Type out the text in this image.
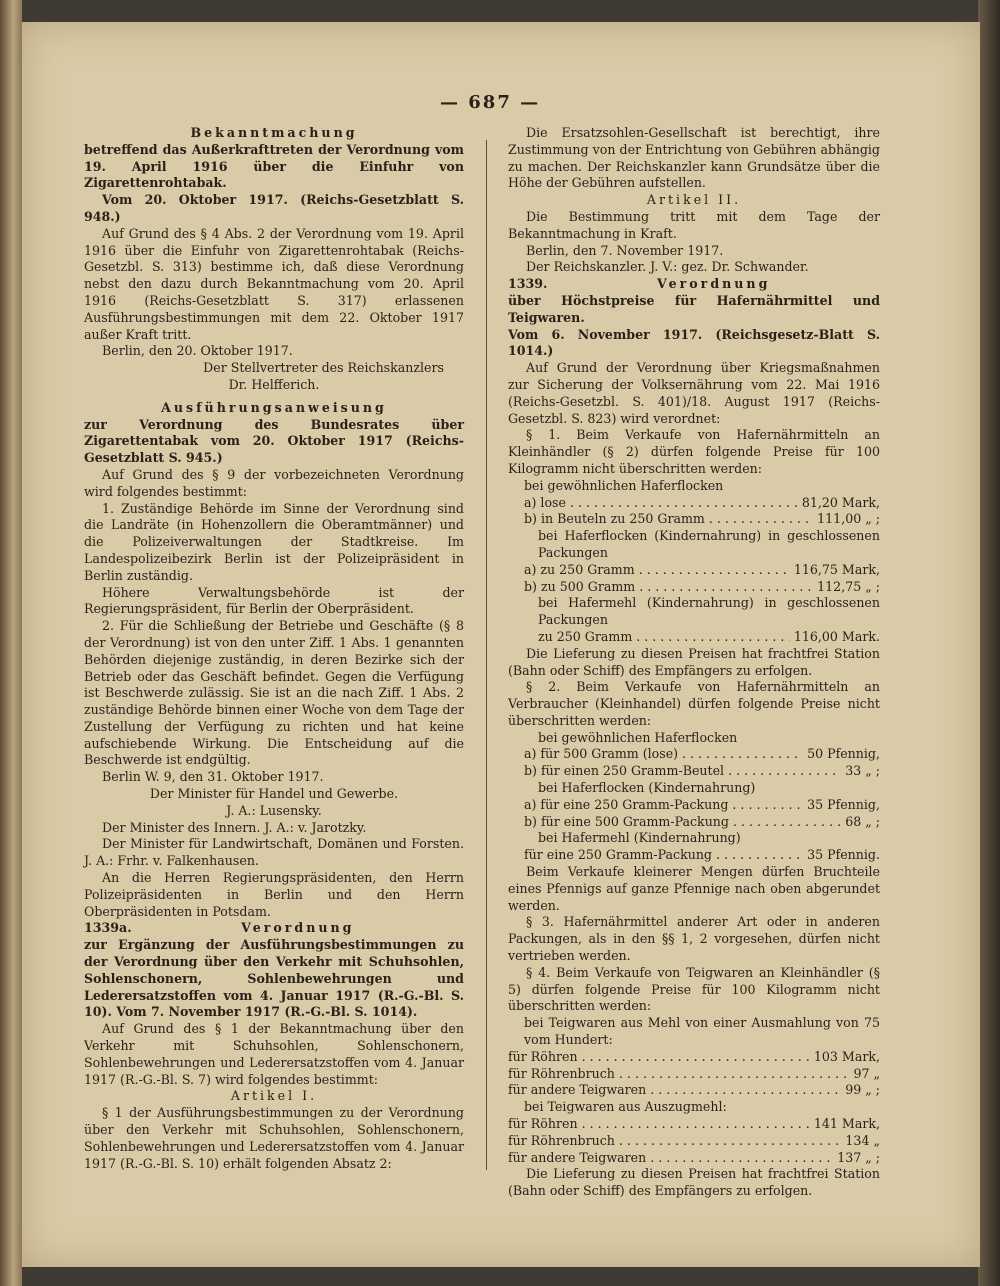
— 687 —

Bekanntmachung

betreffend das Außerkrafttreten der Verordnung vom 19. April 1916 über die Einfuhr von Zigarettenrohtabak.

Vom 20. Oktober 1917. (Reichs-Gesetzblatt S. 948.)

Auf Grund des § 4 Abs. 2 der Verordnung vom 19. April 1916 über die Einfuhr von Zigarettenrohtabak (Reichs-Gesetzbl. S. 313) bestimme ich, daß diese Verordnung nebst den dazu durch Bekanntmachung vom 20. April 1916 (Reichs-Gesetzblatt S. 317) erlassenen Ausführungsbestimmungen mit dem 22. Oktober 1917 außer Kraft tritt.

Berlin, den 20. Oktober 1917.

Der Stellvertreter des Reichskanzlers

Dr. Helfferich.

Ausführungsanweisung

zur Verordnung des Bundesrates über Zigarettentabak vom 20. Oktober 1917 (Reichs-Gesetzblatt S. 945.)

Auf Grund des § 9 der vorbezeichneten Verordnung wird folgendes bestimmt:

1. Zuständige Behörde im Sinne der Verordnung sind die Landräte (in Hohenzollern die Oberamtmänner) und die Polizeiverwaltungen der Stadtkreise. Im Landespolizeibezirk Berlin ist der Polizeipräsident in Berlin zuständig.

Höhere Verwaltungsbehörde ist der Regierungspräsident, für Berlin der Oberpräsident.

2. Für die Schließung der Betriebe und Geschäfte (§ 8 der Verordnung) ist von den unter Ziff. 1 Abs. 1 genannten Behörden diejenige zuständig, in deren Bezirke sich der Betrieb oder das Geschäft befindet. Gegen die Verfügung ist Beschwerde zulässig. Sie ist an die nach Ziff. 1 Abs. 2 zuständige Behörde binnen einer Woche von dem Tage der Zustellung der Verfügung zu richten und hat keine aufschiebende Wirkung. Die Entscheidung auf die Beschwerde ist endgültig.

Berlin W. 9, den 31. Oktober 1917.

Der Minister für Handel und Gewerbe.

J. A.: Lusensky.

Der Minister des Innern. J. A.: v. Jarotzky.

Der Minister für Landwirtschaft, Domänen und Forsten. J. A.: Frhr. v. Falkenhausen.

An die Herren Regierungspräsidenten, den Herrn Polizeipräsidenten in Berlin und den Herrn Oberpräsidenten in Potsdam.

1339a.	Verordnung

zur Ergänzung der Ausführungsbestimmungen zu der Verordnung über den Verkehr mit Schuhsohlen, Sohlenschonern, Sohlenbewehrungen und Lederersatzstoffen vom 4. Januar 1917 (R.-G.-Bl. S. 10). Vom 7. November 1917 (R.-G.-Bl. S. 1014).

Auf Grund des § 1 der Bekanntmachung über den Verkehr mit Schuhsohlen, Sohlenschonern, Sohlenbewehrungen und Lederersatzstoffen vom 4. Januar 1917 (R.-G.-Bl. S. 7) wird folgendes bestimmt:

Artikel I.

§ 1 der Ausführungsbestimmungen zu der Verordnung über den Verkehr mit Schuhsohlen, Sohlenschonern, Sohlenbewehrungen und Lederersatzstoffen vom 4. Januar 1917 (R.-G.-Bl. S. 10) erhält folgenden Absatz 2:

Die Ersatzsohlen-Gesellschaft ist berechtigt, ihre Zustimmung von der Entrichtung von Gebühren abhängig zu machen. Der Reichskanzler kann Grundsätze über die Höhe der Gebühren aufstellen.

Artikel II.

Die Bestimmung tritt mit dem Tage der Bekanntmachung in Kraft.

Berlin, den 7. November 1917.

Der Reichskanzler. J. V.: gez. Dr. Schwander.

1339.	Verordnung

über Höchstpreise für Hafernährmittel und Teigwaren.

Vom 6. November 1917. (Reichsgesetz-Blatt S. 1014.)

Auf Grund der Verordnung über Kriegsmaßnahmen zur Sicherung der Volksernährung vom 22. Mai 1916 (Reichs-Gesetzbl. S. 401)/18. August 1917 (Reichs-Gesetzbl. S. 823) wird verordnet:

§ 1. Beim Verkaufe von Hafernährmitteln an Kleinhändler (§ 2) dürfen folgende Preise für 100 Kilogramm nicht überschritten werden:

bei gewöhnlichen Haferflocken

a) lose . . .	81,20 Mark,
b) in Beuteln zu 250 Gramm . . .	111,00 „ ;

bei Haferflocken (Kindernahrung) in geschlossenen Packungen

a) zu 250 Gramm . . .	116,75 Mark,
b) zu 500 Gramm . . .	112,75 „ ;

bei Hafermehl (Kindernahrung) in geschlossenen Packungen

zu 250 Gramm . . .	116,00 Mark.

Die Lieferung zu diesen Preisen hat frachtfrei Station (Bahn oder Schiff) des Empfängers zu erfolgen.

§ 2. Beim Verkaufe von Hafernährmitteln an Verbraucher (Kleinhandel) dürfen folgende Preise nicht überschritten werden:

bei gewöhnlichen Haferflocken

a) für 500 Gramm (lose) . . .	50 Pfennig,
b) für einen 250 Gramm-Beutel . . .	33 „ ;

bei Haferflocken (Kindernahrung)

a) für eine 250 Gramm-Packung . . .	35 Pfennig,
b) für eine 500 Gramm-Packung . . .	68 „ ;

bei Hafermehl (Kindernahrung)

für eine 250 Gramm-Packung . . .	35 Pfennig.

Beim Verkaufe kleinerer Mengen dürfen Bruchteile eines Pfennigs auf ganze Pfennige nach oben abgerundet werden.

§ 3. Hafernährmittel anderer Art oder in anderen Packungen, als in den §§ 1, 2 vorgesehen, dürfen nicht vertrieben werden.

§ 4. Beim Verkaufe von Teigwaren an Kleinhändler (§ 5) dürfen folgende Preise für 100 Kilogramm nicht überschritten werden:

bei Teigwaren aus Mehl von einer Ausmahlung von 75 vom Hundert:

für Röhren . . .	103 Mark,
für Röhrenbruch . . .	97 „
für andere Teigwaren . . .	99 „ ;

bei Teigwaren aus Auszugmehl:

für Röhren . . .	141 Mark,
für Röhrenbruch . . .	134 „
für andere Teigwaren . . .	137 „ ;

Die Lieferung zu diesen Preisen hat frachtfrei Station (Bahn oder Schiff) des Empfängers zu erfolgen.
